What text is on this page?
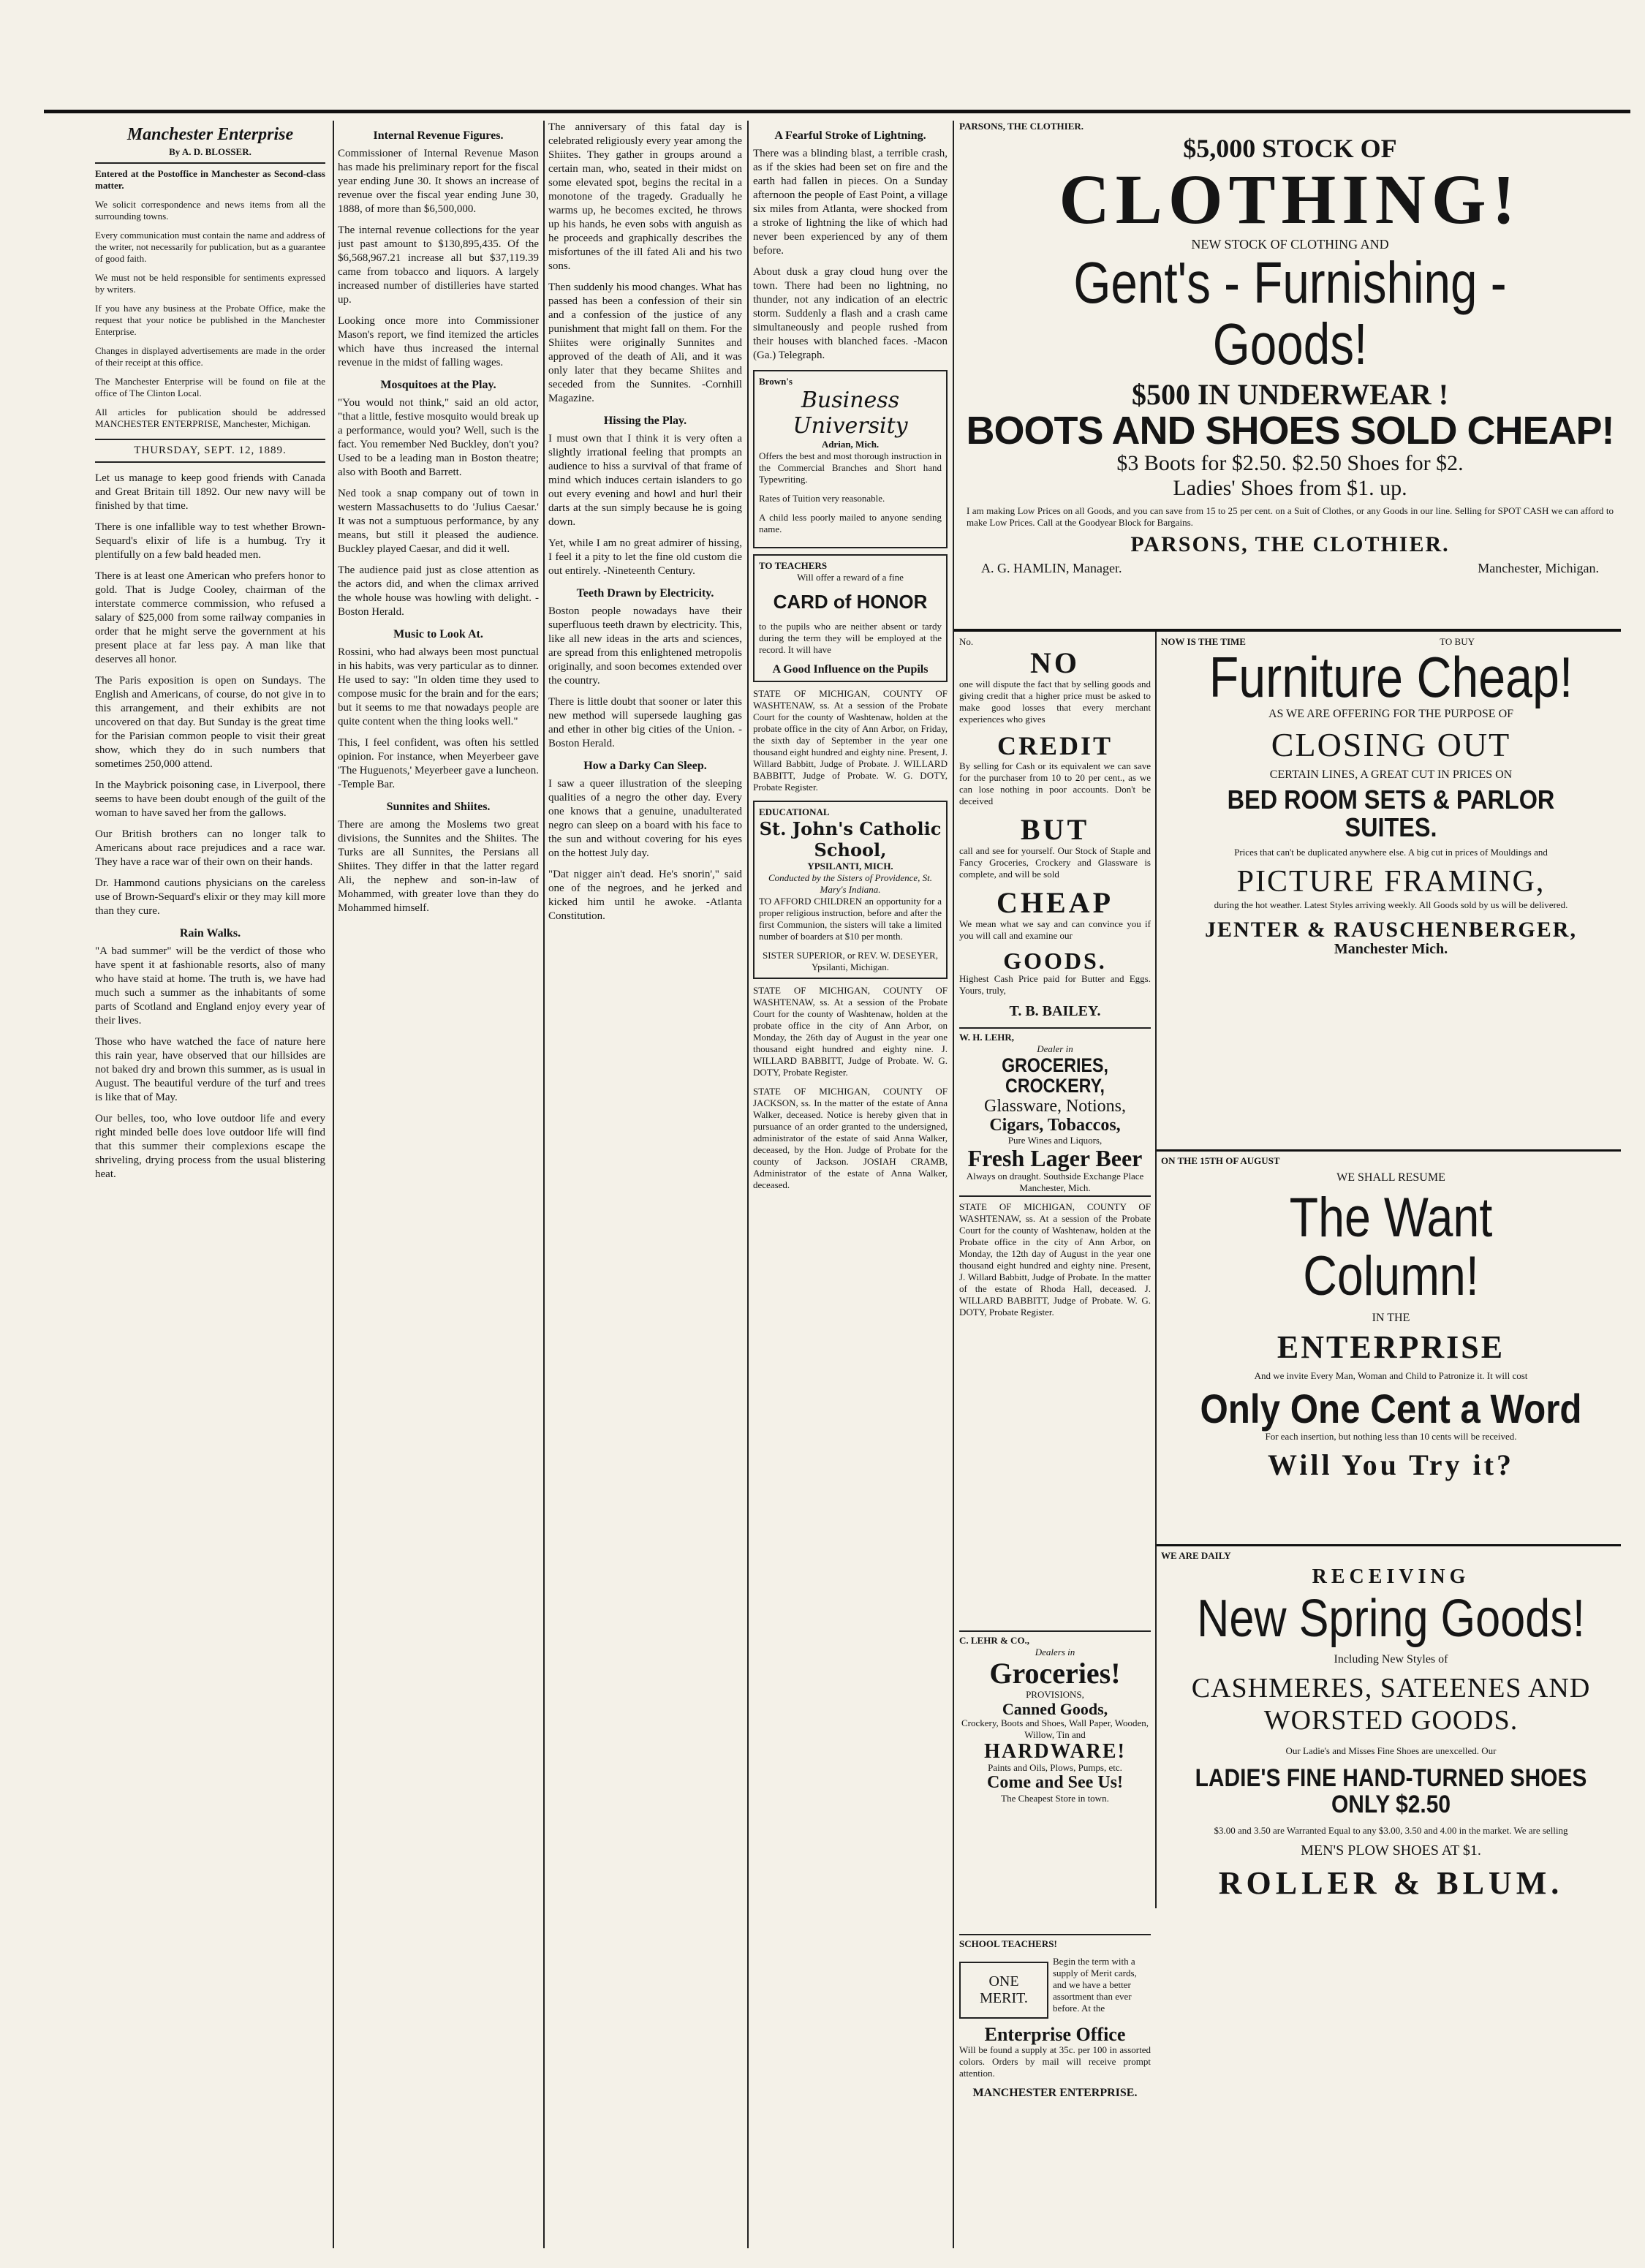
Manchester Enterprise
By A. D. BLOSSER.

Entered at the Postoffice in Manchester as Second-class matter.

We solicit correspondence and news items from all the surrounding towns.

Every communication must contain the name and address of the writer, not necessarily for publication, but as a guarantee of good faith.

We must not be held responsible for sentiments expressed by writers.

If you have any business at the Probate Office, make the request that your notice be published in the Manchester Enterprise.

Changes in displayed advertisements are made in the order of their receipt at this office.

The Manchester Enterprise will be found on file at the office of The Clinton Local.

All articles for publication should be addressed MANCHESTER ENTERPRISE, Manchester, Michigan.

THURSDAY, SEPT. 12, 1889.

Let us manage to keep good friends with Canada and Great Britain till 1892. Our new navy will be finished by that time.

There is one infallible way to test whether Brown-Sequard's elixir of life is a humbug. Try it plentifully on a few bald headed men.

There is at least one American who prefers honor to gold. That is Judge Cooley, chairman of the interstate commerce commission, who refused a salary of $25,000 from some railway companies in order that he might serve the government at his present place at far less pay. A man like that deserves all honor.

The Paris exposition is open on Sundays. The English and Americans, of course, do not give in to this arrangement, and their exhibits are not uncovered on that day. But Sunday is the great time for the Parisian common people to visit their great show, which they do in such numbers that sometimes 250,000 attend.

In the Maybrick poisoning case, in Liverpool, there seems to have been doubt enough of the guilt of the woman to have saved her from the gallows.

Our British brothers can no longer talk to Americans about race prejudices and a race war. They have a race war of their own on their hands.

Dr. Hammond cautions physicians on the careless use of Brown-Sequard's elixir or they may kill more than they cure.

Rain Walks.

"A bad summer" will be the verdict of those who have spent it at fashionable resorts, also of many who have staid at home. The truth is, we have had much such a summer as the inhabitants of some parts of Scotland and England enjoy every year of their lives.

Those who have watched the face of nature here this rain year, have observed that our hillsides are not baked dry and brown this summer, as is usual in August. The beautiful verdure of the turf and trees is like that of May.

Our belles, too, who love outdoor life and every right minded belle does love outdoor life will find that this summer their complexions escape the shriveling, drying process from the usual blistering heat.

Internal Revenue Figures.

Commissioner of Internal Revenue Mason has made his preliminary report for the fiscal year ending June 30. It shows an increase of revenue over the fiscal year ending June 30, 1888, of more than $6,500,000.

The internal revenue collections for the year just past amount to $130,895,435. Of the $6,568,967.21 increase all but $37,119.39 came from tobacco and liquors. A largely increased number of distilleries have started up.

Looking once more into Commissioner Mason's report, we find itemized the articles which have thus increased the internal revenue in the midst of falling wages.

Mosquitoes at the Play.

"You would not think," said an old actor, "that a little, festive mosquito would break up a performance, would you? Well, such is the fact. You remember Ned Buckley, don't you? Used to be a leading man in Boston theatre; also with Booth and Barrett.

Ned took a snap company out of town in western Massachusetts to do 'Julius Caesar.' It was not a sumptuous performance, by any means, but still it pleased the audience. Buckley played Caesar, and did it well.

The audience paid just as close attention as the actors did, and when the climax arrived the whole house was howling with delight. -Boston Herald.

Music to Look At.

Rossini, who had always been most punctual in his habits, was very particular as to dinner. He used to say: "In olden time they used to compose music for the brain and for the ears; but it seems to me that nowadays people are quite content when the thing looks well."

This, I feel confident, was often his settled opinion. For instance, when Meyerbeer gave 'The Huguenots,' Meyerbeer gave a luncheon. -Temple Bar.

Sunnites and Shiites.

There are among the Moslems two great divisions, the Sunnites and the Shiites. The Turks are all Sunnites, the Persians all Shiites. They differ in that the latter regard Ali, the nephew and son-in-law of Mohammed, with greater love than they do Mohammed himself.

The anniversary of this fatal day is celebrated religiously every year among the Shiites. They gather in groups around a certain man, who, seated in their midst on some elevated spot, begins the recital in a monotone of the tragedy. Gradually he warms up, he becomes excited, he throws up his hands, he even sobs with anguish as he proceeds and graphically describes the misfortunes of the ill fated Ali and his two sons.

Then suddenly his mood changes. What has passed has been a confession of their sin and a confession of the justice of any punishment that might fall on them. For the Shiites were originally Sunnites and approved of the death of Ali, and it was only later that they became Shiites and seceded from the Sunnites. -Cornhill Magazine.

Hissing the Play.

I must own that I think it is very often a slightly irrational feeling that prompts an audience to hiss a survival of that frame of mind which induces certain islanders to go out every evening and howl and hurl their darts at the sun simply because he is going down.

Yet, while I am no great admirer of hissing, I feel it a pity to let the fine old custom die out entirely. -Nineteenth Century.

Teeth Drawn by Electricity.

Boston people nowadays have their superfluous teeth drawn by electricity. This, like all new ideas in the arts and sciences, are spread from this enlightened metropolis originally, and soon becomes extended over the country.

There is little doubt that sooner or later this new method will supersede laughing gas and ether in other big cities of the Union. -Boston Herald.

How a Darky Can Sleep.

I saw a queer illustration of the sleeping qualities of a negro the other day. Every one knows that a genuine, unadulterated negro can sleep on a board with his face to the sun and without covering for his eyes on the hottest July day.

"Dat nigger ain't dead. He's snorin'," said one of the negroes, and he jerked and kicked him until he awoke. -Atlanta Constitution.

A Fearful Stroke of Lightning.

There was a blinding blast, a terrible crash, as if the skies had been set on fire and the earth had fallen in pieces. On a Sunday afternoon the people of East Point, a village six miles from Atlanta, were shocked from a stroke of lightning the like of which had never been experienced by any of them before.

About dusk a gray cloud hung over the town. There had been no lightning, no thunder, not any indication of an electric storm. Suddenly a flash and a crash came simultaneously and people rushed from their houses with blanched faces. -Macon (Ga.) Telegraph.

Brown's
Business University
Adrian, Mich.

Offers the best and most thorough instruction in the Commercial Branches and Short hand Typewriting.

Rates of Tuition very reasonable.

A child less poorly mailed to anyone sending name.

TO TEACHERS
Will offer a reward of a fine
CARD of HONOR

to the pupils who are neither absent or tardy during the term they will be employed at the record. It will have

A Good Influence on the Pupils

STATE OF MICHIGAN, COUNTY OF WASHTENAW, ss. At a session of the Probate Court for the county of Washtenaw, holden at the probate office in the city of Ann Arbor, on Friday, the sixth day of September in the year one thousand eight hundred and eighty nine. Present, J. Willard Babbitt, Judge of Probate. J. WILLARD BABBITT, Judge of Probate. W. G. DOTY, Probate Register.

EDUCATIONAL
St. John's Catholic School,
YPSILANTI, MICH.
Conducted by the Sisters of Providence, St. Mary's Indiana.

TO AFFORD CHILDREN an opportunity for a proper religious instruction, before and after the first Communion, the sisters will take a limited number of boarders at $10 per month.

SISTER SUPERIOR, or REV. W. DESEYER, Ypsilanti, Michigan.

STATE OF MICHIGAN, COUNTY OF WASHTENAW, ss. At a session of the Probate Court for the county of Washtenaw, holden at the probate office in the city of Ann Arbor, on Monday, the 26th day of August in the year one thousand eight hundred and eighty nine. J. WILLARD BABBITT, Judge of Probate. W. G. DOTY, Probate Register.

STATE OF MICHIGAN, COUNTY OF JACKSON, ss. In the matter of the estate of Anna Walker, deceased. Notice is hereby given that in pursuance of an order granted to the undersigned, administrator of the estate of said Anna Walker, deceased, by the Hon. Judge of Probate for the county of Jackson. JOSIAH CRAMB, Administrator of the estate of Anna Walker, deceased.

PARSONS, THE CLOTHIER.
$5,000 STOCK OF
CLOTHING!
NEW STOCK OF CLOTHING AND
Gent's - Furnishing - Goods!
$500 IN UNDERWEAR !
BOOTS AND SHOES SOLD CHEAP!
$3 Boots for $2.50. $2.50 Shoes for $2.
Ladies' Shoes from $1. up.

I am making Low Prices on all Goods, and you can save from 15 to 25 per cent. on a Suit of Clothes, or any Goods in our line. Selling for SPOT CASH we can afford to make Low Prices. Call at the Goodyear Block for Bargains.

PARSONS, THE CLOTHIER.
A. G. HAMLIN, Manager.	Manchester, Michigan.
No.
NO

one will dispute the fact that by selling goods and giving credit that a higher price must be asked to make good losses that every merchant experiences who gives

CREDIT

By selling for Cash or its equivalent we can save for the purchaser from 10 to 20 per cent., as we can lose nothing in poor accounts. Don't be deceived

BUT

call and see for yourself. Our Stock of Staple and Fancy Groceries, Crockery and Glassware is complete, and will be sold

CHEAP

We mean what we say and can convince you if you will call and examine our

GOODS.

Highest Cash Price paid for Butter and Eggs. Yours, truly,

T. B. BAILEY.
W. H. LEHR,
Dealer in
GROCERIES, CROCKERY,
Glassware, Notions,
Cigars, Tobaccos,
Pure Wines and Liquors,
Fresh Lager Beer
Always on draught. Southside Exchange Place
Manchester, Mich.

STATE OF MICHIGAN, COUNTY OF WASHTENAW, ss. At a session of the Probate Court for the county of Washtenaw, holden at the Probate office in the city of Ann Arbor, on Monday, the 12th day of August in the year one thousand eight hundred and eighty nine. Present, J. Willard Babbitt, Judge of Probate. In the matter of the estate of Rhoda Hall, deceased. J. WILLARD BABBITT, Judge of Probate. W. G. DOTY, Probate Register.

C. LEHR & CO.,
Dealers in
Groceries!
PROVISIONS,
Canned Goods,
Crockery, Boots and Shoes, Wall Paper, Wooden, Willow, Tin and
HARDWARE!
Paints and Oils, Plows, Pumps, etc.
Come and See Us!
The Cheapest Store in town.
SCHOOL TEACHERS!
ONE MERIT.
Begin the term with a supply of Merit cards, and we have a better assortment than ever before. At the
Enterprise Office

Will be found a supply at 35c. per 100 in assorted colors. Orders by mail will receive prompt attention.

MANCHESTER ENTERPRISE.
NOW IS THE TIME	TO BUY
Furniture Cheap!
AS WE ARE OFFERING FOR THE PURPOSE OF
CLOSING OUT
CERTAIN LINES, A GREAT CUT IN PRICES ON
BED ROOM SETS & PARLOR SUITES.

Prices that can't be duplicated anywhere else. A big cut in prices of Mouldings and

PICTURE FRAMING,

during the hot weather. Latest Styles arriving weekly. All Goods sold by us will be delivered.

JENTER & RAUSCHENBERGER,
Manchester Mich.
ON THE 15TH OF AUGUST
WE SHALL RESUME
The Want Column!
IN THE
ENTERPRISE

And we invite Every Man, Woman and Child to Patronize it. It will cost

Only One Cent a Word

For each insertion, but nothing less than 10 cents will be received.

Will You Try it?
WE ARE DAILY
RECEIVING
New Spring Goods!
Including New Styles of
CASHMERES, SATEENES AND
WORSTED GOODS.

Our Ladie's and Misses Fine Shoes are unexcelled. Our

LADIE'S FINE HAND-TURNED SHOES ONLY $2.50

$3.00 and 3.50 are Warranted Equal to any $3.00, 3.50 and 4.00 in the market. We are selling

MEN'S PLOW SHOES AT $1.
ROLLER & BLUM.
